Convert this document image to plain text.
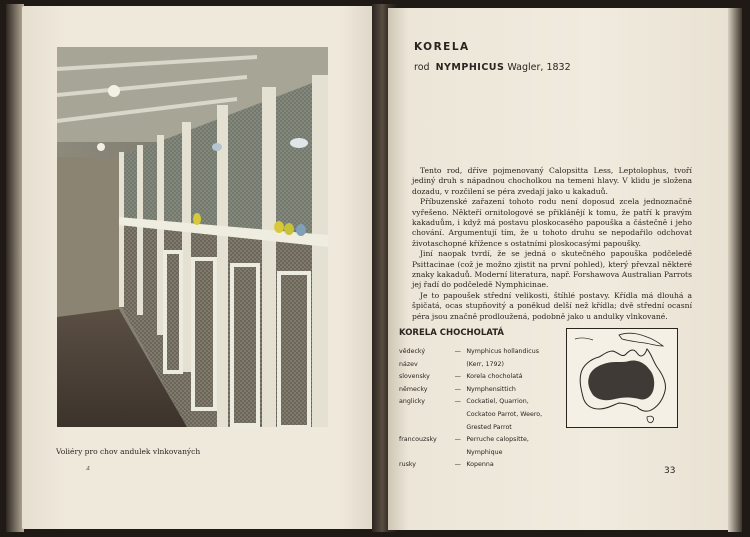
Voliéry pro chov andulek vlnkovaných
ⅎ
KORELA
rod NYMPHICUS Wagler, 1832

Tento rod, dříve pojmenovaný Calopsitta Less, Leptolophus, tvoří jediný druh s nápadnou chocholkou na temeni hlavy. V klidu je složena dozadu, v rozčilení se péra zvedají jako u kakaduů.

Příbuzenské zařazení tohoto rodu není doposud zcela jednoznačně vyřešeno. Někteří ornitologové se přiklánějí k tomu, že patří k pravým kakaduům, i když má postavu ploskocasého papouška a částečně i jeho chování. Argumentují tím, že u tohoto druhu se nepodařilo odchovat životaschopné křížence s ostatními ploskocasými papoušky.

Jiní naopak tvrdí, že se jedná o skutečného papouška podčeledě Psittacinae (což je možno zjistit na první pohled), který převzal některé znaky kakaduů. Moderní literatura, např. Forshawova Australian Parrots jej řadí do podčeledě Nymphicinae.

Je to papoušek střední velikosti, štíhlé postavy. Křídla má dlouhá a špičatá, ocas stupňovitý a poněkud delší než křídla; dvě střední ocasní péra jsou značně prodloužená, podobně jako u andulky vlnkované.

KORELA CHOCHOLATÁ
vědecký	— Nymphicus hollandicus
název	(Kerr, 1792)
slovensky	— Korela chocholatá
německy	— Nymphensittich
anglicky	— Cockatiel, Quarrion,
Cockatoo Parrot, Weero,
Grested Parrot
francouzsky	— Perruche calopsitte,
Nymphique
rusky	— Kopenna
33
